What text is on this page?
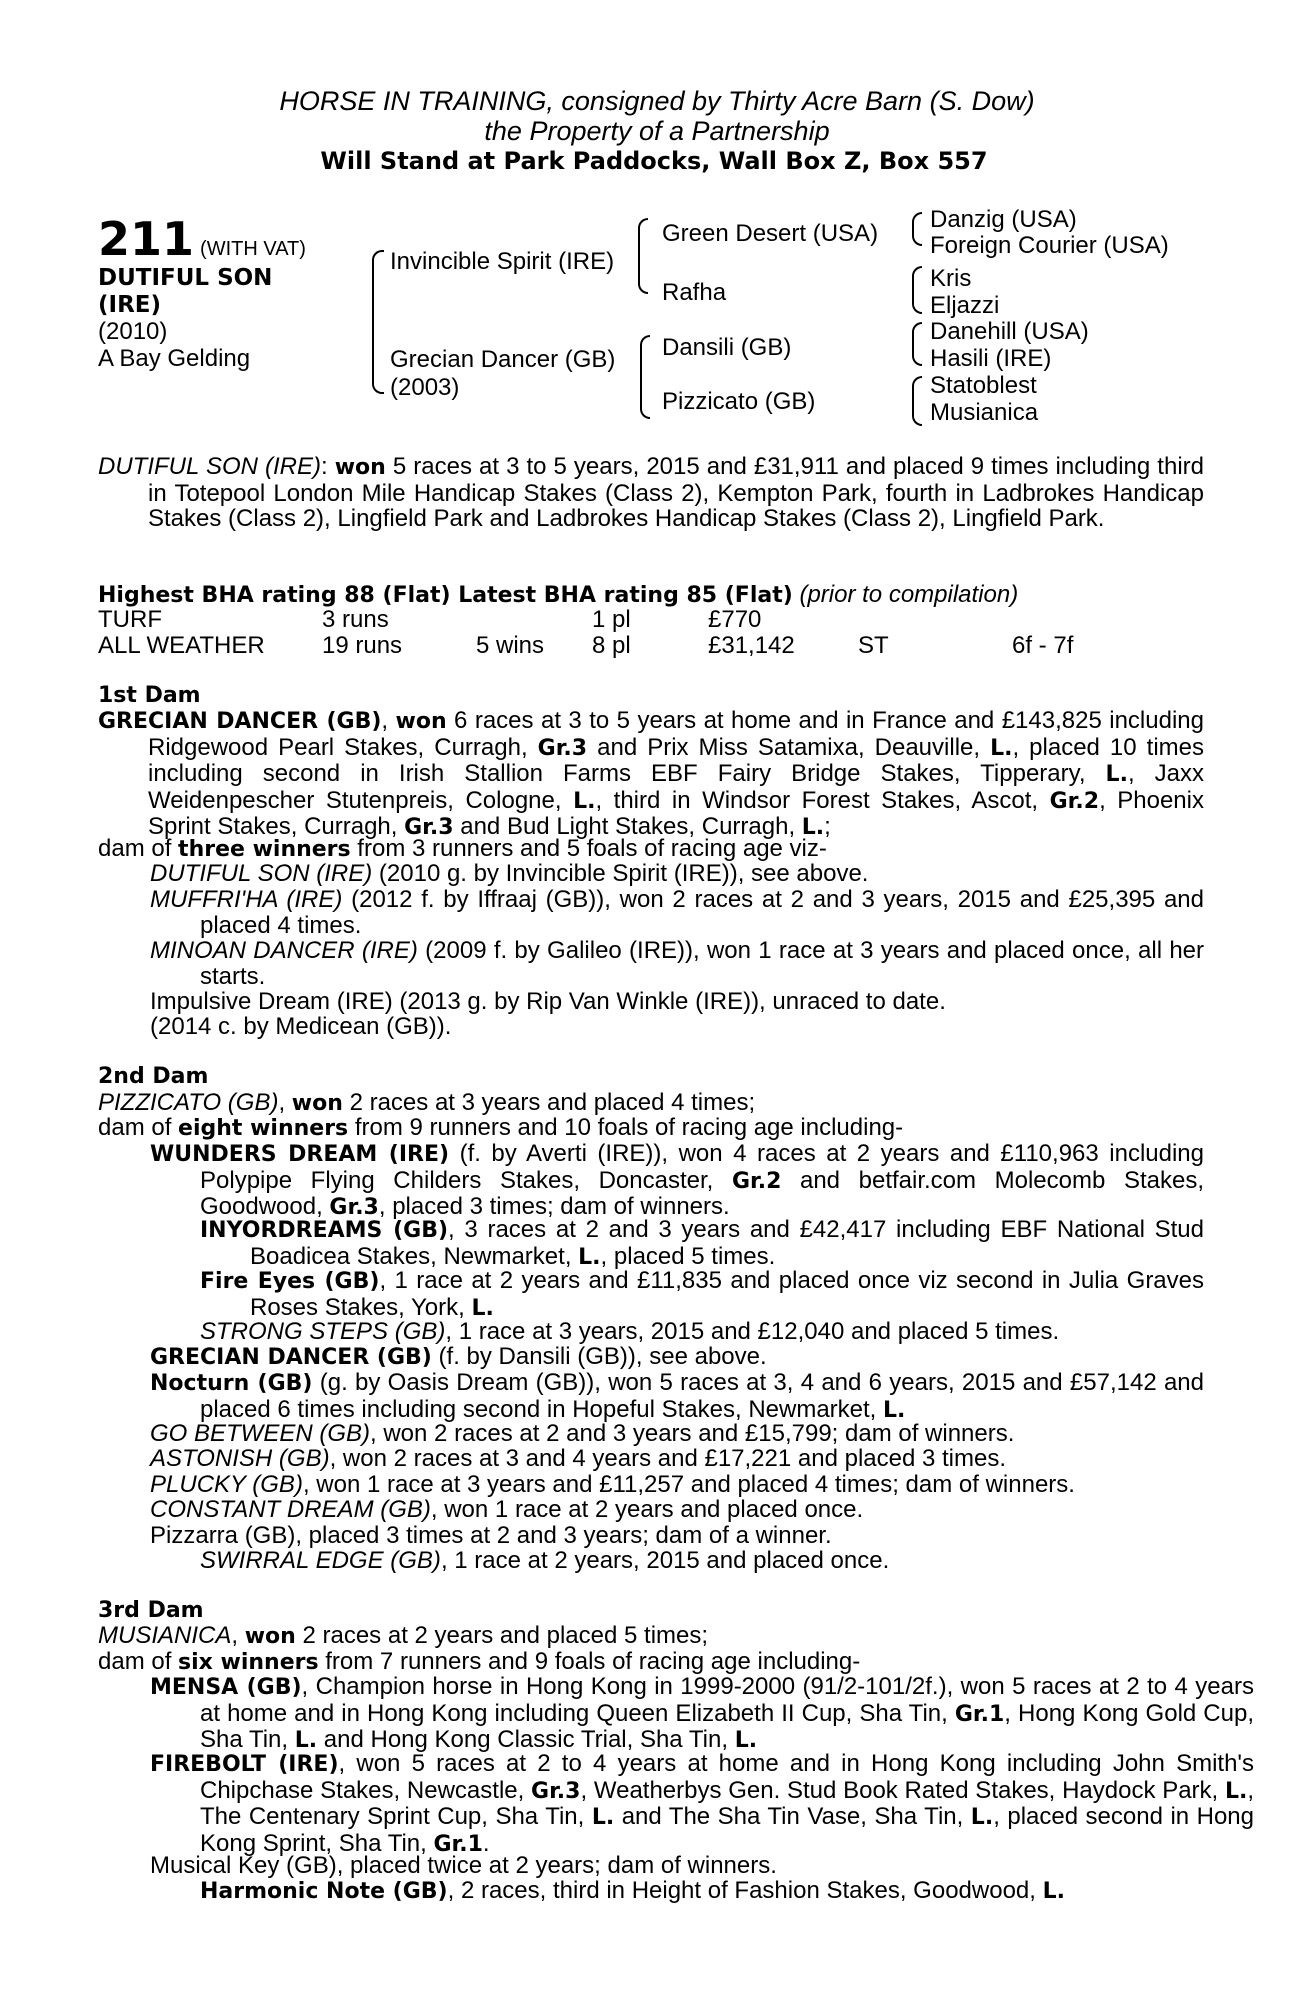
HORSE IN TRAINING, consigned by Thirty Acre Barn (S. Dow)
the Property of a Partnership
Will Stand at Park Paddocks, Wall Box Z, Box 557
211 (WITH VAT)
DUTIFUL SON
(IRE)
(2010)
A Bay Gelding
Invincible Spirit (IRE)
Grecian Dancer (GB)
(2003)
Green Desert (USA)
Rafha
Dansili (GB)
Pizzicato (GB)
Danzig (USA)
Foreign Courier (USA)
Kris
Eljazzi
Danehill (USA)
Hasili (IRE)
Statoblest
Musianica
DUTIFUL SON (IRE): won 5 races at 3 to 5 years, 2015 and £31,911 and placed 9 times including third in Totepool London Mile Handicap Stakes (Class 2), Kempton Park, fourth in Ladbrokes Handicap Stakes (Class 2), Lingfield Park and Ladbrokes Handicap Stakes (Class 2), Lingfield Park.
Highest BHA rating 88 (Flat) Latest BHA rating 85 (Flat) (prior to compilation)
TURF	3 runs	1 pl	£770
ALL WEATHER 19 runs	5 wins 8 pl	£31,142	ST	6f - 7f
1st Dam
GRECIAN DANCER (GB), won 6 races at 3 to 5 years at home and in France and £143,825 including Ridgewood Pearl Stakes, Curragh, Gr.3 and Prix Miss Satamixa, Deauville, L., placed 10 times including second in Irish Stallion Farms EBF Fairy Bridge Stakes, Tipperary, L., Jaxx Weidenpescher Stutenpreis, Cologne, L., third in Windsor Forest Stakes, Ascot, Gr.2, Phoenix Sprint Stakes, Curragh, Gr.3 and Bud Light Stakes, Curragh, L.;
dam of three winners from 3 runners and 5 foals of racing age viz-
DUTIFUL SON (IRE) (2010 g. by Invincible Spirit (IRE)), see above.
MUFFRI'HA (IRE) (2012 f. by Iffraaj (GB)), won 2 races at 2 and 3 years, 2015 and £25,395 and placed 4 times.
MINOAN DANCER (IRE) (2009 f. by Galileo (IRE)), won 1 race at 3 years and placed once, all her starts.
Impulsive Dream (IRE) (2013 g. by Rip Van Winkle (IRE)), unraced to date.
(2014 c. by Medicean (GB)).
2nd Dam
PIZZICATO (GB), won 2 races at 3 years and placed 4 times;
dam of eight winners from 9 runners and 10 foals of racing age including-
WUNDERS DREAM (IRE) (f. by Averti (IRE)), won 4 races at 2 years and £110,963 including Polypipe Flying Childers Stakes, Doncaster, Gr.2 and betfair.com Molecomb Stakes, Goodwood, Gr.3, placed 3 times; dam of winners.
INYORDREAMS (GB), 3 races at 2 and 3 years and £42,417 including EBF National Stud Boadicea Stakes, Newmarket, L., placed 5 times.
Fire Eyes (GB), 1 race at 2 years and £11,835 and placed once viz second in Julia Graves Roses Stakes, York, L.
STRONG STEPS (GB), 1 race at 3 years, 2015 and £12,040 and placed 5 times.
GRECIAN DANCER (GB) (f. by Dansili (GB)), see above.
Nocturn (GB) (g. by Oasis Dream (GB)), won 5 races at 3, 4 and 6 years, 2015 and £57,142 and placed 6 times including second in Hopeful Stakes, Newmarket, L.
GO BETWEEN (GB), won 2 races at 2 and 3 years and £15,799; dam of winners.
ASTONISH (GB), won 2 races at 3 and 4 years and £17,221 and placed 3 times.
PLUCKY (GB), won 1 race at 3 years and £11,257 and placed 4 times; dam of winners.
CONSTANT DREAM (GB), won 1 race at 2 years and placed once.
Pizzarra (GB), placed 3 times at 2 and 3 years; dam of a winner.
SWIRRAL EDGE (GB), 1 race at 2 years, 2015 and placed once.
3rd Dam
MUSIANICA, won 2 races at 2 years and placed 5 times;
dam of six winners from 7 runners and 9 foals of racing age including-
MENSA (GB), Champion horse in Hong Kong in 1999-2000 (91/2-101/2f.), won 5 races at 2 to 4 years at home and in Hong Kong including Queen Elizabeth II Cup, Sha Tin, Gr.1, Hong Kong Gold Cup, Sha Tin, L. and Hong Kong Classic Trial, Sha Tin, L.
FIREBOLT (IRE), won 5 races at 2 to 4 years at home and in Hong Kong including John Smith's Chipchase Stakes, Newcastle, Gr.3, Weatherbys Gen. Stud Book Rated Stakes, Haydock Park, L., The Centenary Sprint Cup, Sha Tin, L. and The Sha Tin Vase, Sha Tin, L., placed second in Hong Kong Sprint, Sha Tin, Gr.1.
Musical Key (GB), placed twice at 2 years; dam of winners.
Harmonic Note (GB), 2 races, third in Height of Fashion Stakes, Goodwood, L.
